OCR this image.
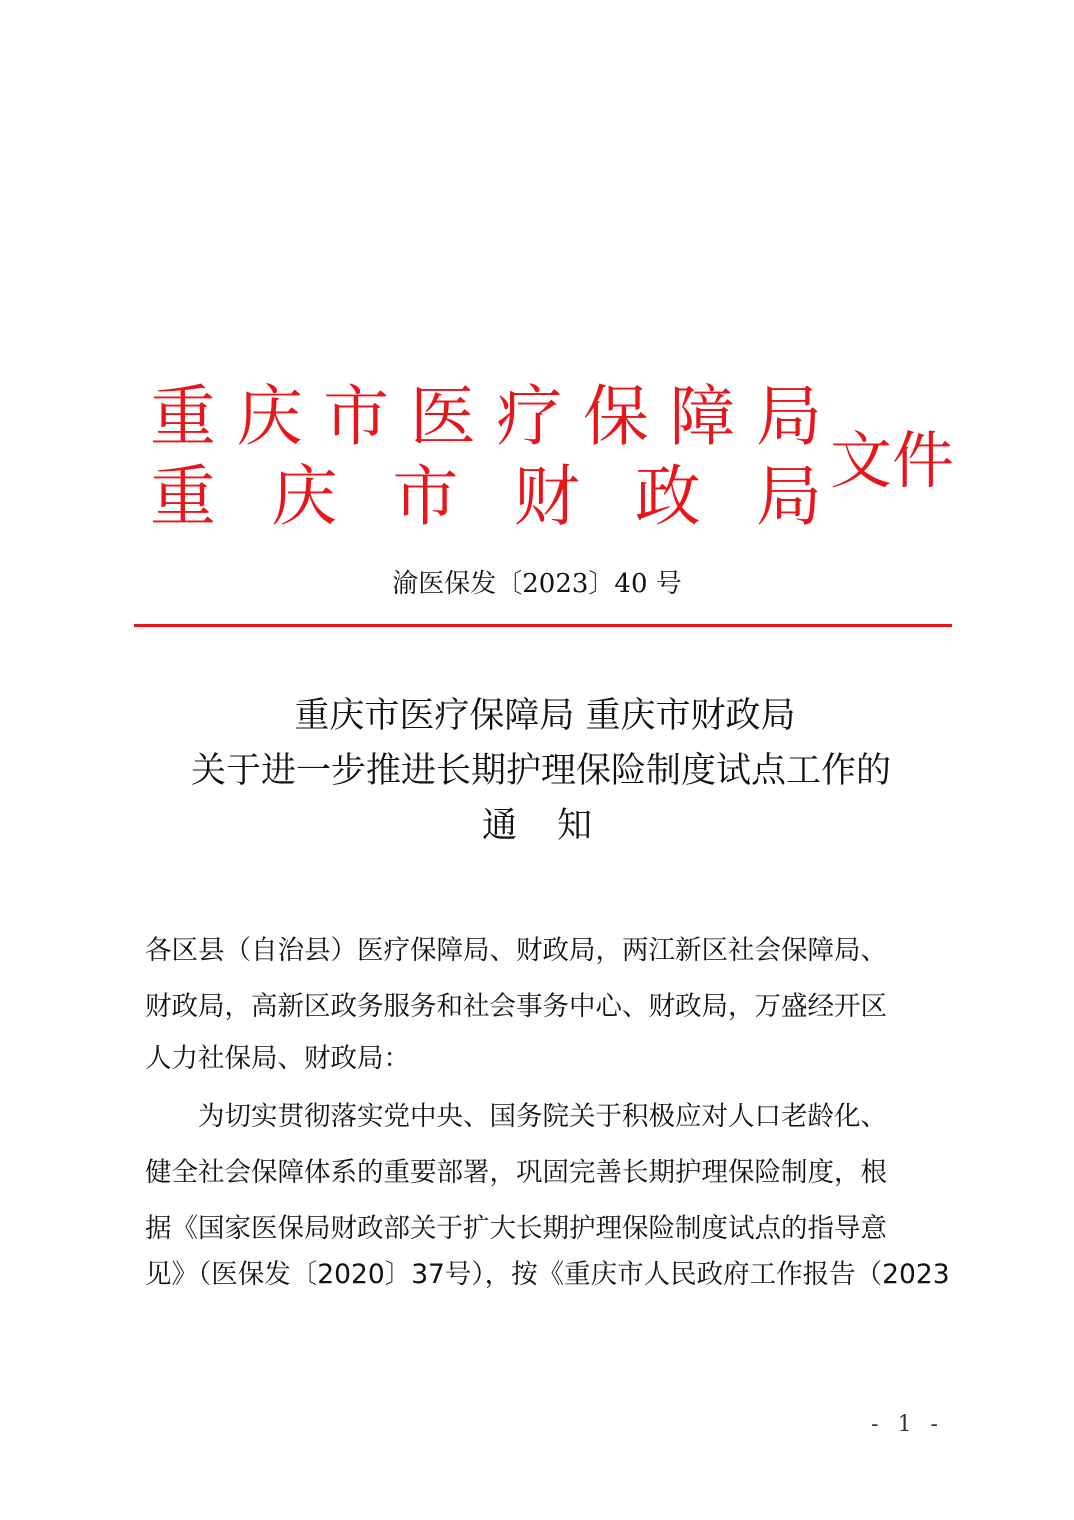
重 庆 市 医 疗 保 障 局
重 庆 市 财 政 局 文件
渝医保发〔2023〕40 号
重庆市医疗保障局 重庆市财政局
关于进一步推进长期护理保险制度试点工作的
通知
各区县（自治县）医疗保障局、财政局，两江新区社会保障局、
财政局，高新区政务服务和社会事务中心、财政局，万盛经开区
人力社保局、财政局：
　　为切实贯彻落实党中央、国务院关于积极应对人口老龄化、
健全社会保障体系的重要部署，巩固完善长期护理保险制度，根
据《国家医保局财政部关于扩大长期护理保险制度试点的指导意
见》（医保发〔2020〕37号），按《重庆市人民政府工作报告（2023
- 1 -
